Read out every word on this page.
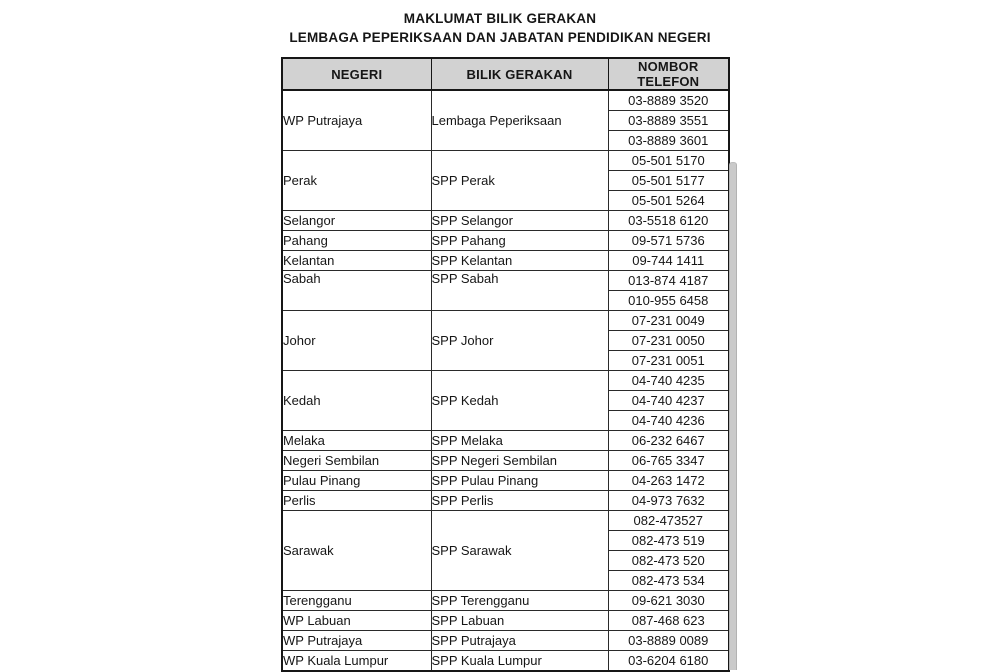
MAKLUMAT BILIK GERAKAN
LEMBAGA PEPERIKSAAN DAN JABATAN PENDIDIKAN NEGERI
NEGERI	BILIK GERAKAN	NOMBOR TELEFON
WP Putrajaya	Lembaga Peperiksaan	03-8889 3520
		03-8889 3551
		03-8889 3601
Perak	SPP Perak	05-501 5170
		05-501 5177
		05-501 5264
Selangor	SPP Selangor	03-5518 6120
Pahang	SPP Pahang	09-571 5736
Kelantan	SPP Kelantan	09-744 1411
Sabah	SPP Sabah	013-874 4187
		010-955 6458
Johor	SPP Johor	07-231 0049
		07-231 0050
		07-231 0051
Kedah	SPP Kedah	04-740 4235
		04-740 4237
		04-740 4236
Melaka	SPP Melaka	06-232 6467
Negeri Sembilan	SPP Negeri Sembilan	06-765 3347
Pulau Pinang	SPP Pulau Pinang	04-263 1472
Perlis	SPP Perlis	04-973 7632
Sarawak	SPP Sarawak	082-473527
		082-473 519
		082-473 520
		082-473 534
Terengganu	SPP Terengganu	09-621 3030
WP Labuan	SPP Labuan	087-468 623
WP Putrajaya	SPP Putrajaya	03-8889 0089
WP Kuala Lumpur	SPP Kuala Lumpur	03-6204 6180
